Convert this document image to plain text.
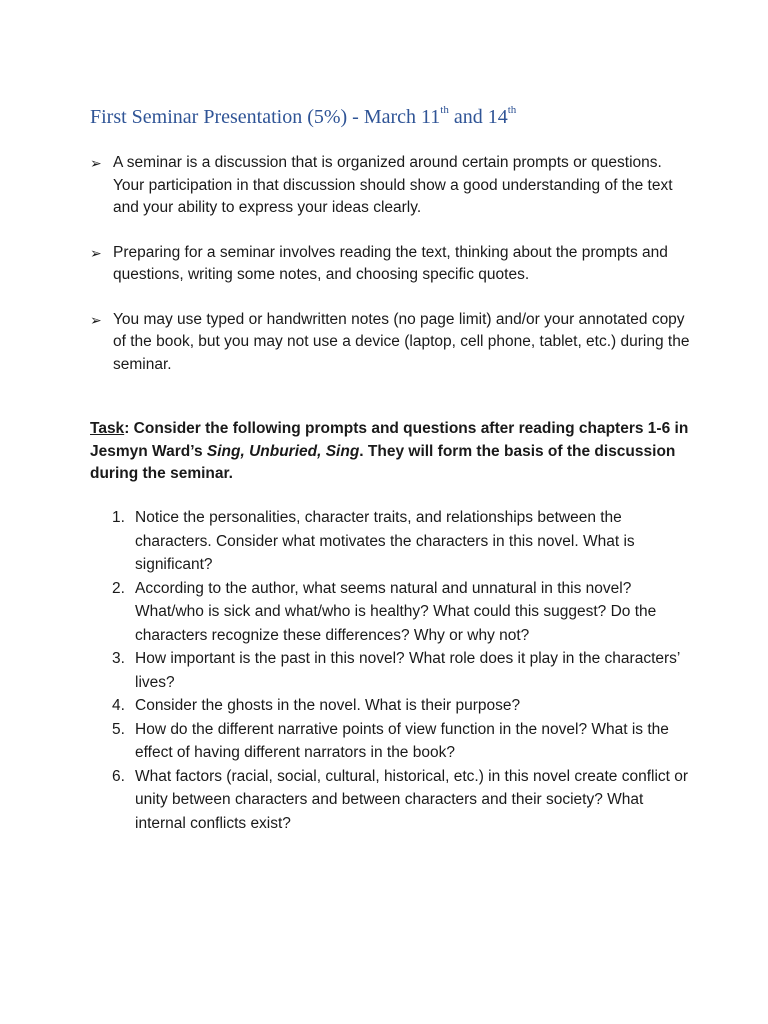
First Seminar Presentation (5%) - March 11th and 14th
➢ A seminar is a discussion that is organized around certain prompts or questions. Your participation in that discussion should show a good understanding of the text and your ability to express your ideas clearly.
➢ Preparing for a seminar involves reading the text, thinking about the prompts and questions, writing some notes, and choosing specific quotes.
➢ You may use typed or handwritten notes (no page limit) and/or your annotated copy of the book, but you may not use a device (laptop, cell phone, tablet, etc.) during the seminar.

Task: Consider the following prompts and questions after reading chapters 1-6 in Jesmyn Ward’s Sing, Unburied, Sing. They will form the basis of the discussion during the seminar.

1. Notice the personalities, character traits, and relationships between the characters. Consider what motivates the characters in this novel. What is significant?
2. According to the author, what seems natural and unnatural in this novel? What/who is sick and what/who is healthy? What could this suggest? Do the characters recognize these differences? Why or why not?
3. How important is the past in this novel? What role does it play in the characters’ lives?
4. Consider the ghosts in the novel. What is their purpose?
5. How do the different narrative points of view function in the novel? What is the effect of having different narrators in the book?
6. What factors (racial, social, cultural, historical, etc.) in this novel create conflict or unity between characters and between characters and their society? What internal conflicts exist?
